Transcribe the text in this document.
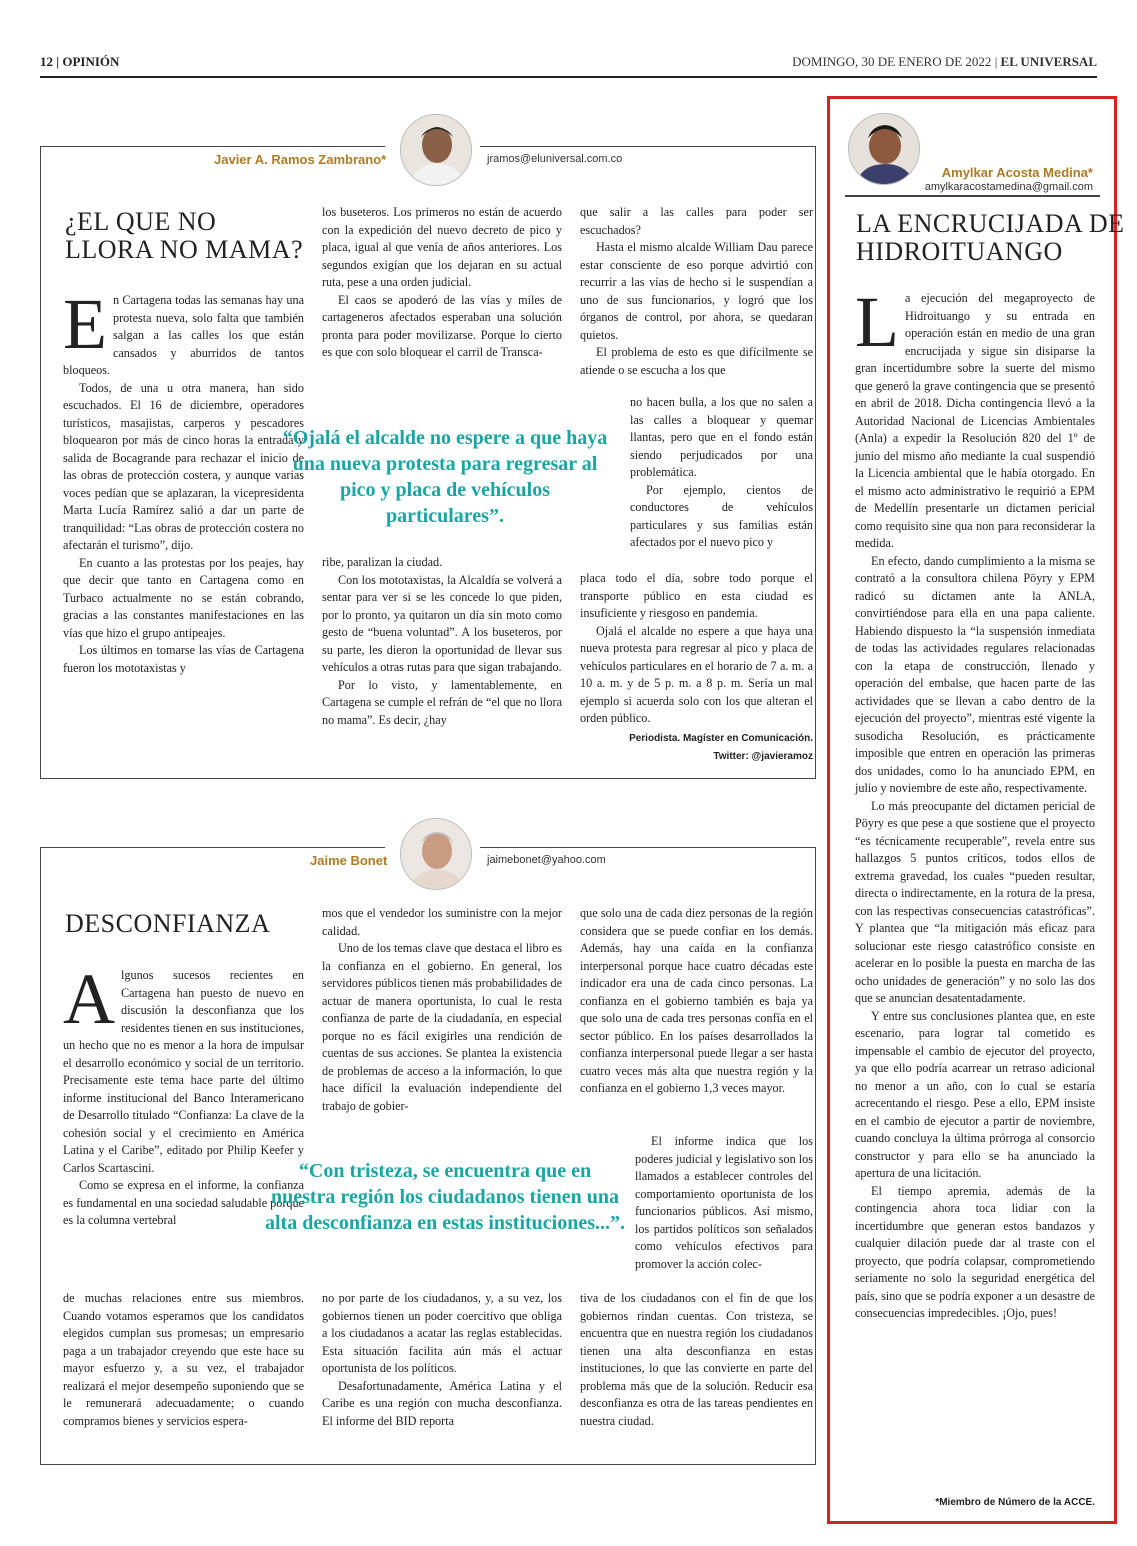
12 | OPINIÓN	DOMINGO, 30 DE ENERO DE 2022 | EL UNIVERSAL
Javier A. Ramos Zambrano*	jramos@eluniversal.com.co
¿EL QUE NO
LLORA NO MAMA?

En Cartagena todas las semanas hay una protesta nueva, solo falta que también salgan a las calles los que están cansados y aburridos de tantos bloqueos.

Todos, de una u otra manera, han sido escuchados. El 16 de diciembre, operadores turísticos, masajistas, carperos y pescadores bloquearon por más de cinco horas la entrada y salida de Bocagrande para rechazar el inicio de las obras de protección costera, y aunque varias voces pedían que se aplazaran, la vicepresidenta Marta Lucía Ramírez salió a dar un parte de tranquilidad: “Las obras de protección costera no afectarán el turismo”, dijo.

En cuanto a las protestas por los peajes, hay que decir que tanto en Cartagena como en Turbaco actualmente no se están cobrando, gracias a las constantes manifestaciones en las vías que hizo el grupo antipeajes.

Los últimos en tomarse las vías de Cartagena fueron los mototaxistas y

los buseteros. Los primeros no están de acuerdo con la expedición del nuevo decreto de pico y placa, igual al que venía de años anteriores. Los segundos exigían que los dejaran en su actual ruta, pese a una orden judicial.

El caos se apoderó de las vías y miles de cartageneros afectados esperaban una solución pronta para poder movilizarse. Porque lo cierto es que con solo bloquear el carril de Transca-

“Ojalá el alcalde no espere a que haya una nueva protesta para regresar al pico y placa de vehículos particulares”.

ribe, paralizan la ciudad.

Con los mototaxistas, la Alcaldía se volverá a sentar para ver si se les concede lo que piden, por lo pronto, ya quitaron un día sin moto como gesto de “buena voluntad”. A los buseteros, por su parte, les dieron la oportunidad de llevar sus vehículos a otras rutas para que sigan trabajando.

Por lo visto, y lamentablemente, en Cartagena se cumple el refrán de “el que no llora no mama”. Es decir, ¿hay

que salir a las calles para poder ser escuchados?

Hasta el mismo alcalde William Dau parece estar consciente de eso porque advirtió con recurrir a las vías de hecho si le suspendían a uno de sus funcionarios, y logró que los órganos de control, por ahora, se quedaran quietos.

El problema de esto es que difícilmente se atiende o se escucha a los que

no hacen bulla, a los que no salen a las calles a bloquear y quemar llantas, pero que en el fondo están siendo perjudicados por una problemática.

Por ejemplo, cientos de conductores de vehículos particulares y sus familias están afectados por el nuevo pico y

placa todo el día, sobre todo porque el transporte público en esta ciudad es insuficiente y riesgoso en pandemia.

Ojalá el alcalde no espere a que haya una nueva protesta para regresar al pico y placa de vehículos particulares en el horario de 7 a. m. a 10 a. m. y de 5 p. m. a 8 p. m. Sería un mal ejemplo si acuerda solo con los que alteran el orden público.

Periodista. Magíster en Comunicación.
Twitter: @javieramoz
Jaime Bonet	jaimebonet@yahoo.com
DESCONFIANZA

Algunos sucesos recientes en Cartagena han puesto de nuevo en discusión la desconfianza que los residentes tienen en sus instituciones, un hecho que no es menor a la hora de impulsar el desarrollo económico y social de un territorio. Precisamente este tema hace parte del último informe institucional del Banco Interamericano de Desarrollo titulado “Confianza: La clave de la cohesión social y el crecimiento en América Latina y el Caribe”, editado por Philip Keefer y Carlos Scartascini.

Como se expresa en el informe, la confianza es fundamental en una sociedad saludable porque es la columna vertebral

de muchas relaciones entre sus miembros. Cuando votamos esperamos que los candidatos elegidos cumplan sus promesas; un empresario paga a un trabajador creyendo que este hace su mayor esfuerzo y, a su vez, el trabajador realizará el mejor desempeño suponiendo que se le remunerará adecuadamente; o cuando compramos bienes y servicios espera-

mos que el vendedor los suministre con la mejor calidad.

Uno de los temas clave que destaca el libro es la confianza en el gobierno. En general, los servidores públicos tienen más probabilidades de actuar de manera oportunista, lo cual le resta confianza de parte de la ciudadanía, en especial porque no es fácil exigirles una rendición de cuentas de sus acciones. Se plantea la existencia de problemas de acceso a la información, lo que hace difícil la evaluación independiente del trabajo de gobier-

“Con tristeza, se encuentra que en nuestra región los ciudadanos tienen una alta desconfianza en estas instituciones...”.

no por parte de los ciudadanos, y, a su vez, los gobiernos tienen un poder coercitivo que obliga a los ciudadanos a acatar las reglas establecidas. Esta situación facilita aún más el actuar oportunista de los políticos.

Desafortunadamente, América Latina y el Caribe es una región con mucha desconfianza. El informe del BID reporta

que solo una de cada diez personas de la región considera que se puede confiar en los demás. Además, hay una caída en la confianza interpersonal porque hace cuatro décadas este indicador era una de cada cinco personas. La confianza en el gobierno también es baja ya que solo una de cada tres personas confía en el sector público. En los países desarrollados la confianza interpersonal puede llegar a ser hasta cuatro veces más alta que nuestra región y la confianza en el gobierno 1,3 veces mayor.

El informe indica que los poderes judicial y legislativo son los llamados a establecer controles del comportamiento oportunista de los funcionarios públicos. Así mismo, los partidos políticos son señalados como vehículos efectivos para promover la acción colec-

tiva de los ciudadanos con el fin de que los gobiernos rindan cuentas. Con tristeza, se encuentra que en nuestra región los ciudadanos tienen una alta desconfianza en estas instituciones, lo que las convierte en parte del problema más que de la solución. Reducir esa desconfianza es otra de las tareas pendientes en nuestra ciudad.

Amylkar Acosta Medina*
amylkaracostamedina@gmail.com
LA ENCRUCIJADA DE
HIDROITUANGO

La ejecución del megaproyecto de Hidroituango y su entrada en operación están en medio de una gran encrucijada y sigue sin disiparse la gran incertidumbre sobre la suerte del mismo que generó la grave contingencia que se presentó en abril de 2018. Dicha contingencia llevó a la Autoridad Nacional de Licencias Ambientales (Anla) a expedir la Resolución 820 del 1º de junio del mismo año mediante la cual suspendió la Licencia ambiental que le había otorgado. En el mismo acto administrativo le requirió a EPM de Medellín presentarle un dictamen pericial como requisito sine qua non para reconsiderar la medida.

En efecto, dando cumplimiento a la misma se contrató a la consultora chilena Pöyry y EPM radicó su dictamen ante la ANLA, convirtiéndose para ella en una papa caliente. Habiendo dispuesto la “la suspensión inmediata de todas las actividades regulares relacionadas con la etapa de construcción, llenado y operación del embalse, que hacen parte de las actividades que se llevan a cabo dentro de la ejecución del proyecto”, mientras esté vigente la susodicha Resolución, es prácticamente imposible que entren en operación las primeras dos unidades, como lo ha anunciado EPM, en julio y noviembre de este año, respectivamente.

Lo más preocupante del dictamen pericial de Pöyry es que pese a que sostiene que el proyecto “es técnicamente recuperable”, revela entre sus hallazgos 5 puntos críticos, todos ellos de extrema gravedad, los cuales “pueden resultar, directa o indirectamente, en la rotura de la presa, con las respectivas consecuencias catastróficas”. Y plantea que “la mitigación más eficaz para solucionar este riesgo catastrófico consiste en acelerar en lo posible la puesta en marcha de las ocho unidades de generación” y no solo las dos que se anuncian desatentadamente.

Y entre sus conclusiones plantea que, en este escenario, para lograr tal cometido es impensable el cambio de ejecutor del proyecto, ya que ello podría acarrear un retraso adicional no menor a un año, con lo cual se estaría acrecentando el riesgo. Pese a ello, EPM insiste en el cambio de ejecutor a partir de noviembre, cuando concluya la última prórroga al consorcio constructor y para ello se ha anunciado la apertura de una licitación.

El tiempo apremia, además de la contingencia ahora toca lidiar con la incertidumbre que generan estos bandazos y cualquier dilación puede dar al traste con el proyecto, que podría colapsar, comprometiendo seriamente no solo la seguridad energética del país, sino que se podría exponer a un desastre de consecuencias impredecibles. ¡Ojo, pues!

*Miembro de Número de la ACCE.
